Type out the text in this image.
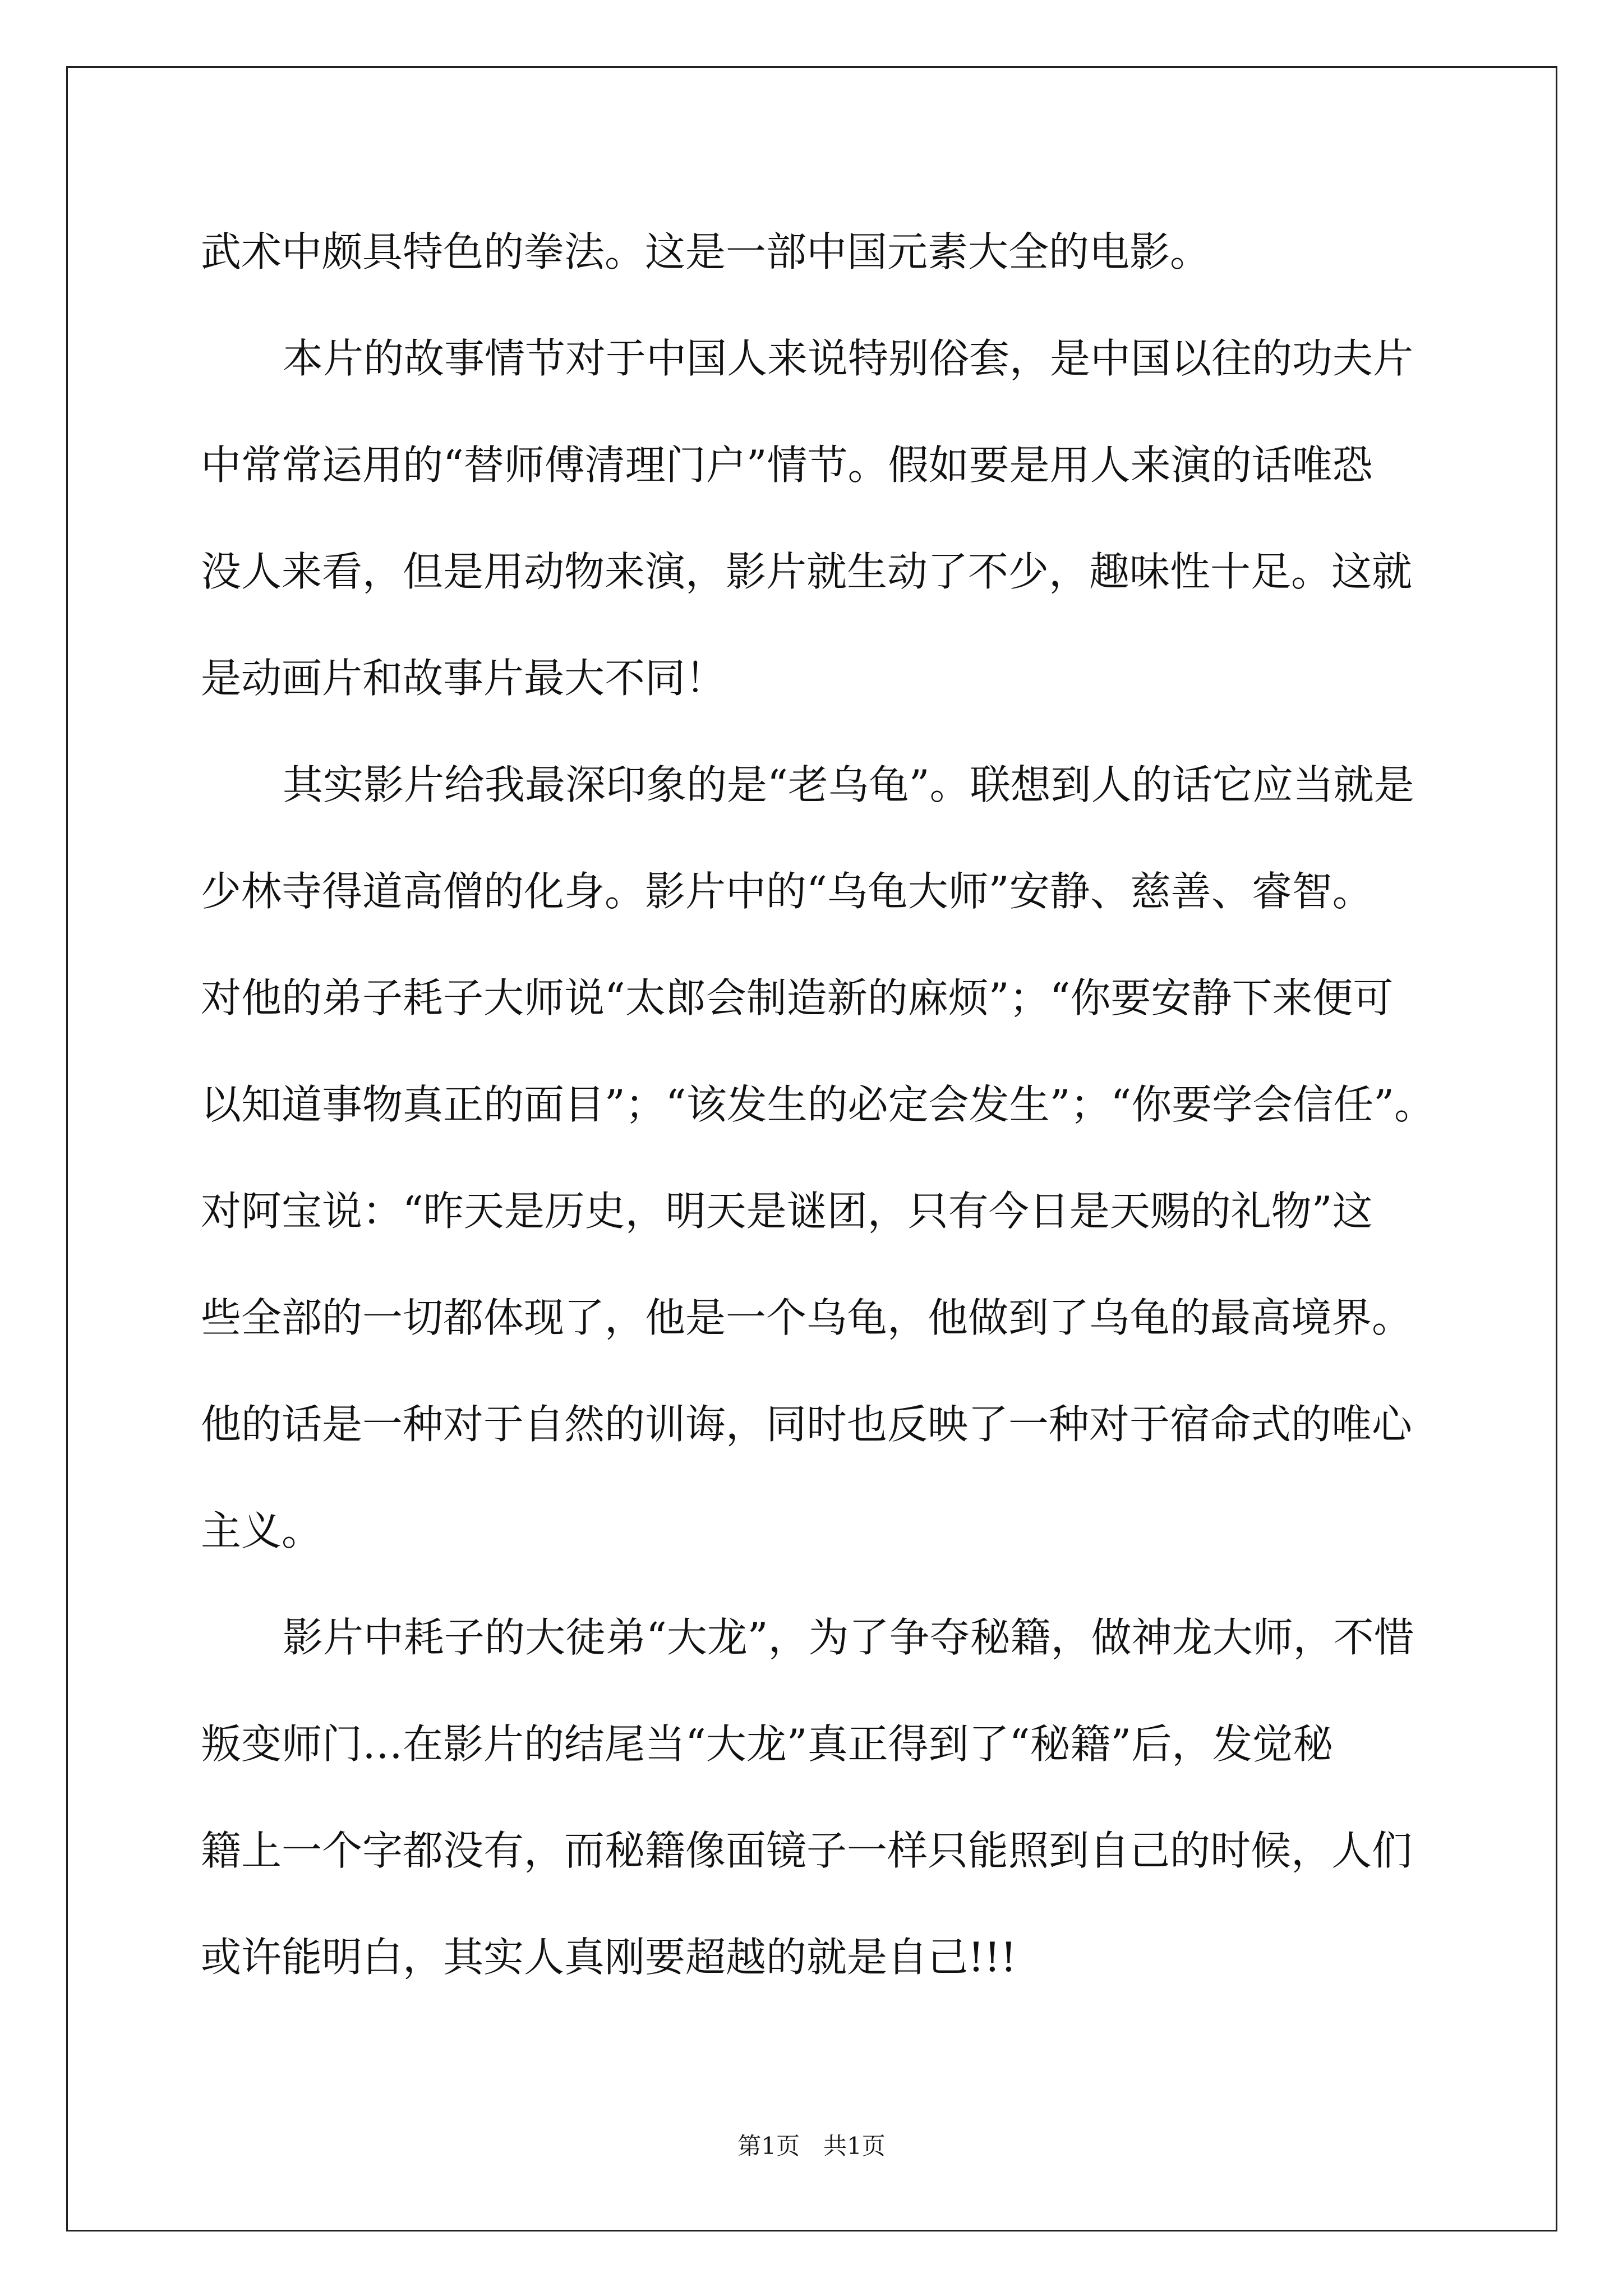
武术中颇具特色的拳法。这是一部中国元素大全的电影。
本片的故事情节对于中国人来说特别俗套，是中国以往的功夫片
中常常运用的“替师傅清理门户”情节。假如要是用人来演的话唯恐
没人来看，但是用动物来演，影片就生动了不少，趣味性十足。这就
是动画片和故事片最大不同！
其实影片给我最深印象的是“老乌龟”。联想到人的话它应当就是
少林寺得道高僧的化身。影片中的“乌龟大师”安静、慈善、睿智。
对他的弟子耗子大师说“太郎会制造新的麻烦”；“你要安静下来便可
以知道事物真正的面目”；“该发生的必定会发生”；“你要学会信任”。
对阿宝说：“昨天是历史，明天是谜团，只有今日是天赐的礼物”这
些全部的一切都体现了，他是一个乌龟，他做到了乌龟的最高境界。
他的话是一种对于自然的训诲，同时也反映了一种对于宿命式的唯心
主义。
影片中耗子的大徒弟“大龙”，为了争夺秘籍，做神龙大师，不惜
叛变师门…在影片的结尾当“大龙”真正得到了“秘籍”后，发觉秘
籍上一个字都没有，而秘籍像面镜子一样只能照到自己的时候，人们
或许能明白，其实人真刚要超越的就是自己!!!
第1页　共1页
